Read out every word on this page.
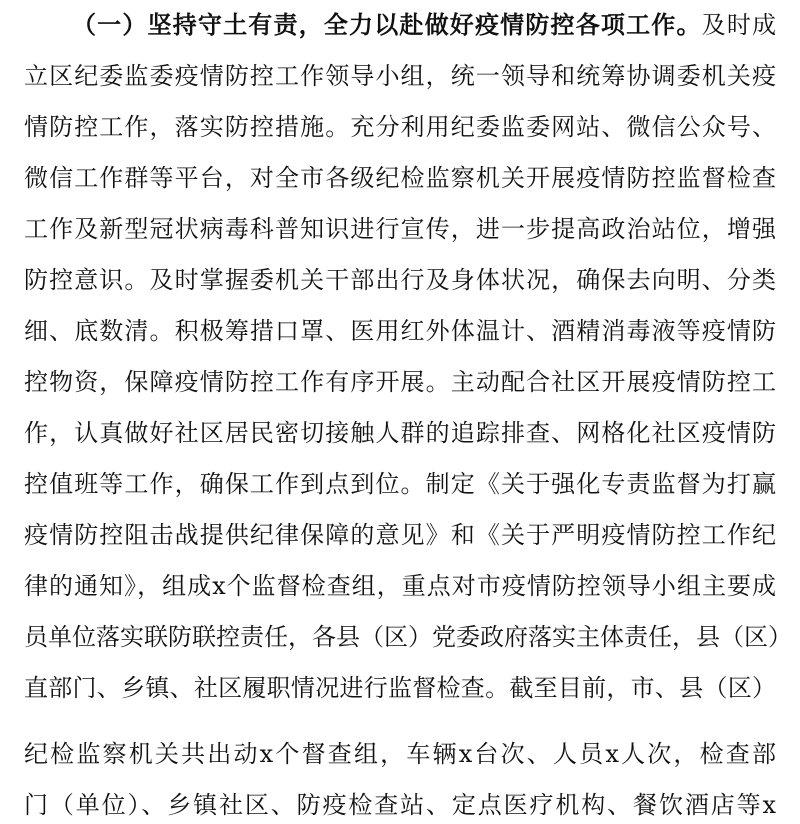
（一）坚持守土有责，全力以赴做好疫情防控各项工作。及时成
立区纪委监委疫情防控工作领导小组，统一领导和统筹协调委机关疫
情防控工作，落实防控措施。充分利用纪委监委网站、微信公众号、
微信工作群等平台，对全市各级纪检监察机关开展疫情防控监督检查
工作及新型冠状病毒科普知识进行宣传，进一步提高政治站位，增强
防控意识。及时掌握委机关干部出行及身体状况，确保去向明、分类
细、底数清。积极筹措口罩、医用红外体温计、酒精消毒液等疫情防
控物资，保障疫情防控工作有序开展。主动配合社区开展疫情防控工
作，认真做好社区居民密切接触人群的追踪排查、网格化社区疫情防
控值班等工作，确保工作到点到位。制定《关于强化专责监督为打赢
疫情防控阻击战提供纪律保障的意见》和《关于严明疫情防控工作纪
律的通知》，组成x个监督检查组，重点对市疫情防控领导小组主要成
员单位落实联防联控责任，各县（区）党委政府落实主体责任，县（区）
直部门、乡镇、社区履职情况进行监督检查。截至目前，市、县（区）
纪检监察机关共出动x个督查组，车辆x台次、人员x人次，检查部
门（单位）、乡镇社区、防疫检查站、定点医疗机构、餐饮酒店等x
